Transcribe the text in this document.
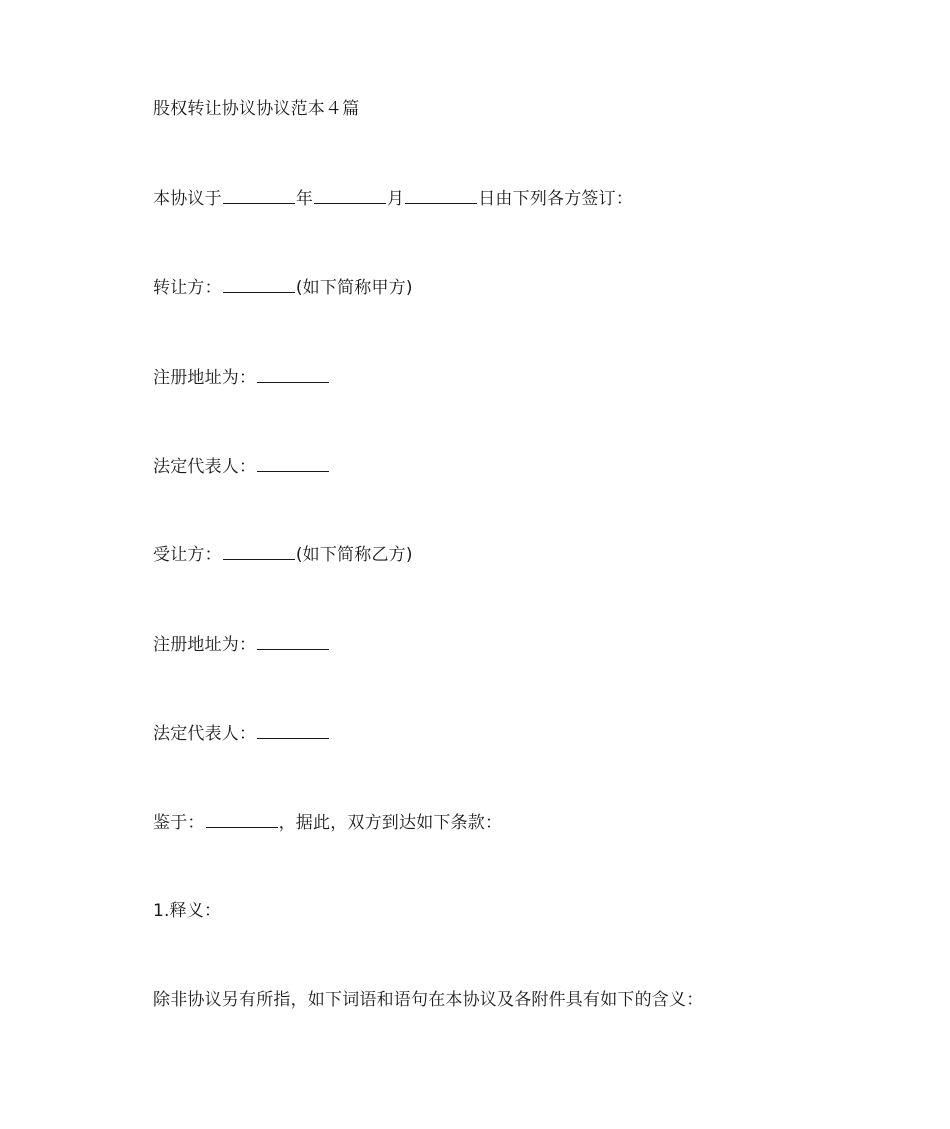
股权转让协议协议范本４篇
本协议于	年	月	日由下列各方签订：
转让方：	(如下简称甲方)
注册地址为：
法定代表人：
受让方：	(如下简称乙方)
注册地址为：
法定代表人：
鉴于：	，据此，双方到达如下条款：
1.释义：
除非协议另有所指，如下词语和语句在本协议及各附件具有如下的含义：
